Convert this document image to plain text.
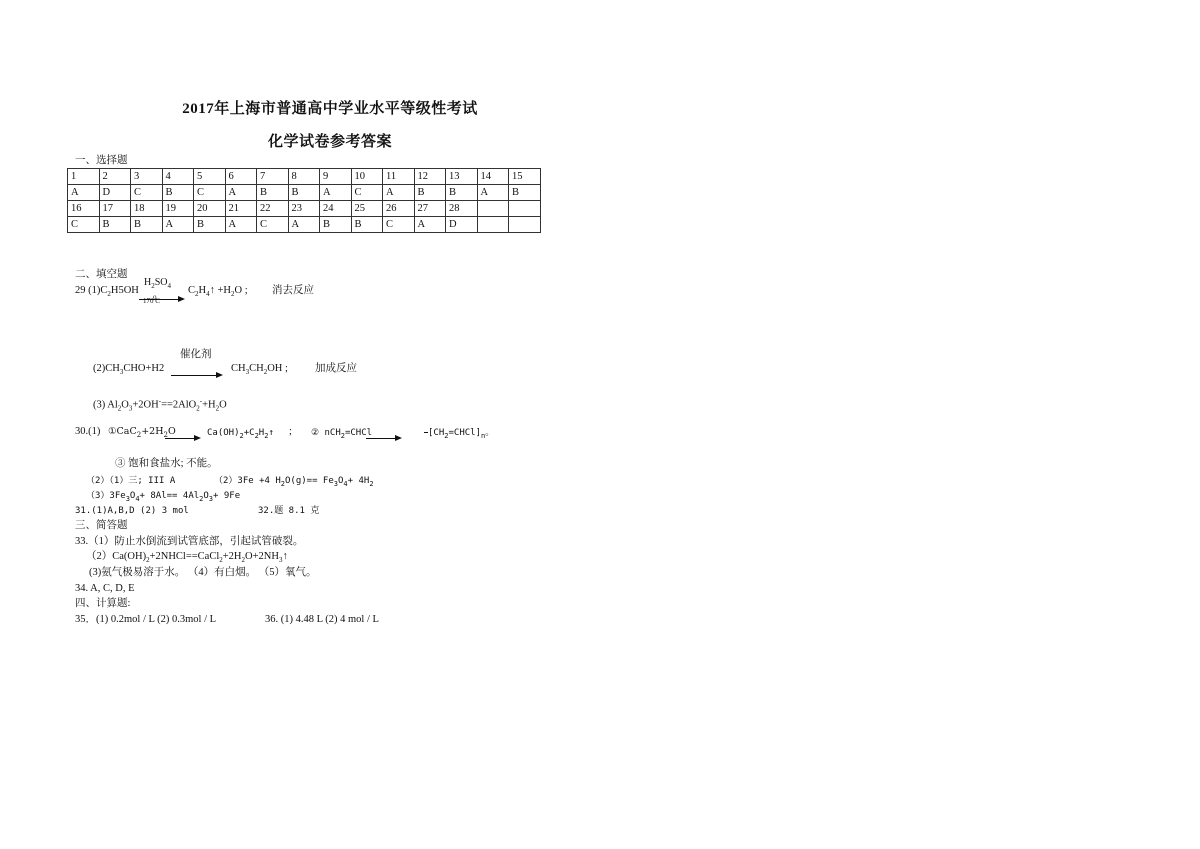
2017年上海市普通高中学业水平等级性考试
化学试卷参考答案
一、选择题
1	2	3	4	5	6	7	8	9	10	11	12	13	14	15
A	D	C	B	C	A	B	B	A	C	A	B	B	A	B
16	17	18	19	20	21	22	23	24	25	26	27	28		
C	B	B	A	B	A	C	A	B	B	C	A	D		
二、填空题
29 $(1)C_2H5OH$
$H_2SO_4$
o
170 C
$C_2H_4↑ +H_2O$ ; 消去反应
催化剂
$(2)CH_3CHO+H2$	$CH_3CH_2OH$ ;	加成反应
(3) $Al_2O_3+2OH^-==2AlO_2^-+H_2O$
30.(1) $①CaC_2+2H_2O$	$Ca(OH)_2+C_2H_2↑$ ; ② nCH$_2$=CHCl	$[CH_2=CHCl]_n$。
③ 饱和食盐水; 不能。
（2）（1）三; III A	（2）3Fe +4 $H_2O(g)== Fe_3O_4+ 4H_2$
$(3)3Fe_3O_4+ 8Al== 4Al_2O_3+ 9Fe$
31.(1)A,B,D (2) 3 mol	32.题 8.1 克
三、简答题
33.（1）防止水倒流到试管底部，引起试管破裂。
$(2)Ca(OH)_2+2NHCl==CaCl_2+2H_2O+2NH_3↑$
(3)氨气极易溶于水。 （4）有白烟。 （5）氧气。
34. A, C, D, E
四、计算题:
35．(1) 0.2mol / L (2) 0.3mol / L	36. (1) 4.48 L (2) 4 mol / L
